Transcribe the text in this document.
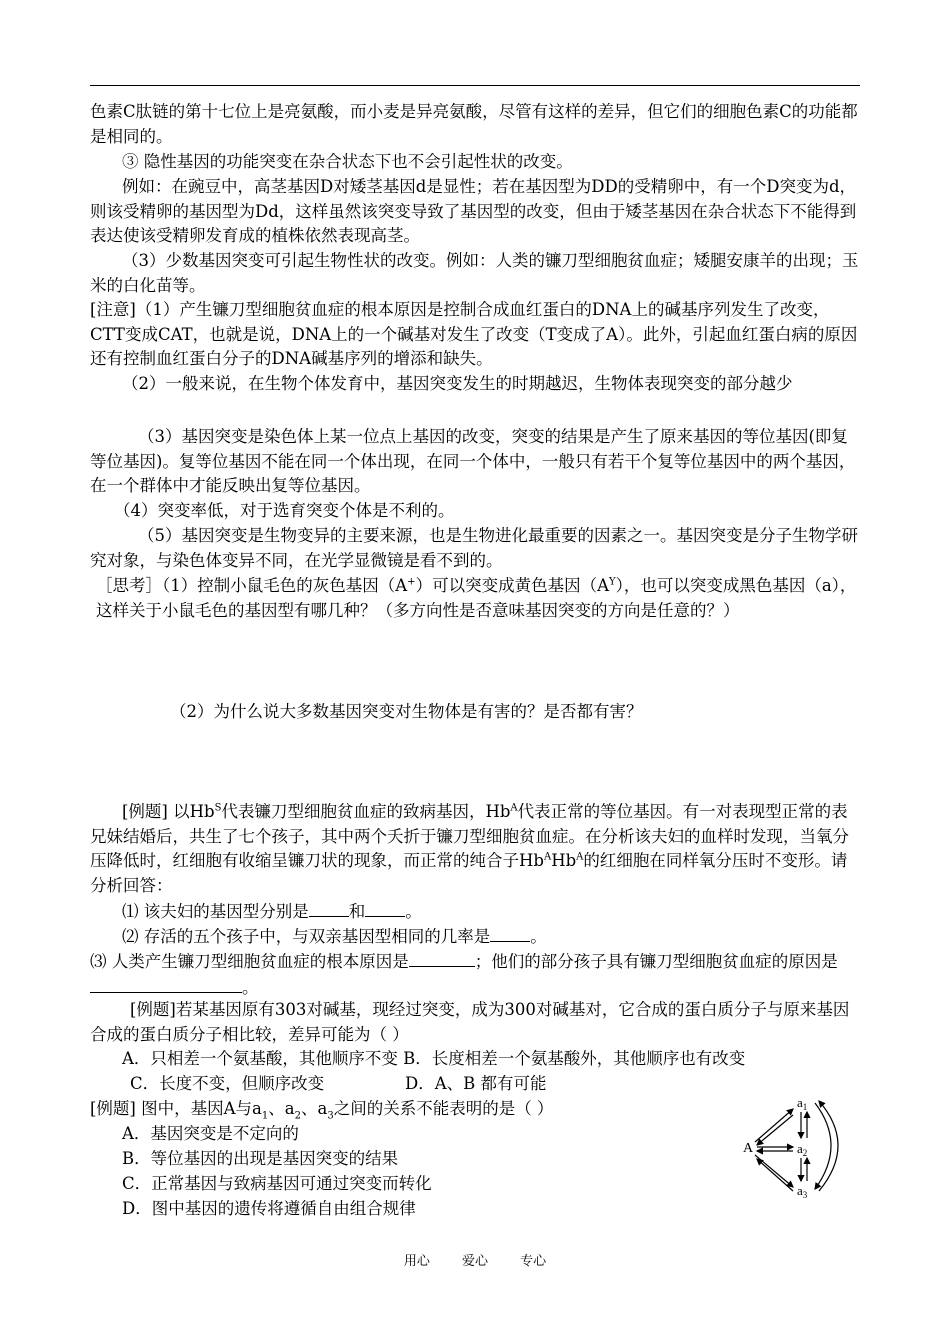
色素C肽链的第十七位上是亮氨酸，而小麦是异亮氨酸，尽管有这样的差异，但它们的细胞色素C的功能都是相同的。

③ 隐性基因的功能突变在杂合状态下也不会引起性状的改变。

例如：在豌豆中，高茎基因D对矮茎基因d是显性；若在基因型为DD的受精卵中，有一个D突变为d，则该受精卵的基因型为Dd，这样虽然该突变导致了基因型的改变，但由于矮茎基因在杂合状态下不能得到表达使该受精卵发育成的植株依然表现高茎。

（3）少数基因突变可引起生物性状的改变。例如：人类的镰刀型细胞贫血症；矮腿安康羊的出现；玉米的白化苗等。

[注意]（1）产生镰刀型细胞贫血症的根本原因是控制合成血红蛋白的DNA上的碱基序列发生了改变，CTT变成CAT，也就是说，DNA上的一个碱基对发生了改变（T变成了A）。此外，引起血红蛋白病的原因还有控制血红蛋白分子的DNA碱基序列的增添和缺失。

（2）一般来说，在生物个体发育中，基因突变发生的时期越迟，生物体表现突变的部分越少

（3）基因突变是染色体上某一位点上基因的改变，突变的结果是产生了原来基因的等位基因(即复等位基因)。复等位基因不能在同一个体出现，在同一个体中，一般只有若干个复等位基因中的两个基因，在一个群体中才能反映出复等位基因。

（4）突变率低，对于选育突变个体是不利的。

（5）基因突变是生物变异的主要来源，也是生物进化最重要的因素之一。基因突变是分子生物学研究对象，与染色体变异不同，在光学显微镜是看不到的。

［思考］（1）控制小鼠毛色的灰色基因（A+）可以突变成黄色基因$(A^Y)$，也可以突变成黑色基因（a），这样关于小鼠毛色的基因型有哪几种？（多方向性是否意味基因突变的方向是任意的？）

（2）为什么说大多数基因突变对生物体是有害的？是否都有害？

[例题] 以$Hb^S$代表镰刀型细胞贫血症的致病基因，$Hb^A$代表正常的等位基因。有一对表现型正常的表兄妹结婚后，共生了七个孩子，其中两个夭折于镰刀型细胞贫血症。在分析该夫妇的血样时发现，当氧分压降低时，红细胞有收缩呈镰刀状的现象，而正常的纯合子$Hb^AHb^A$的红细胞在同样氧分压时不变形。请分析回答：

⑴ 该夫妇的基因型分别是 和 。

⑵ 存活的五个孩子中，与双亲基因型相同的几率是 。

⑶ 人类产生镰刀型细胞贫血症的根本原因是	；他们的部分孩子具有镰刀型细胞贫血症的原因是。

[例题]若某基因原有303对碱基，现经过突变，成为300对碱基对，它合成的蛋白质分子与原来基因合成的蛋白质分子相比较，差异可能为（ ）

A．只相差一个氨基酸，其他顺序不变 B．长度相差一个氨基酸外，其他顺序也有改变

C．长度不变，但顺序改变	D．A、B 都有可能

[例题] 图中，基因A与$a_1$、$a_2$、$a_3$之间的关系不能表明的是（ ）

A．基因突变是不定向的

B．等位基因的出现是基因突变的结果

C．正常基因与致病基因可通过突变而转化

D．图中基因的遗传将遵循自由组合规律

A
$a_1$
$a_2$
$a_3$
用心 爱心 专心
